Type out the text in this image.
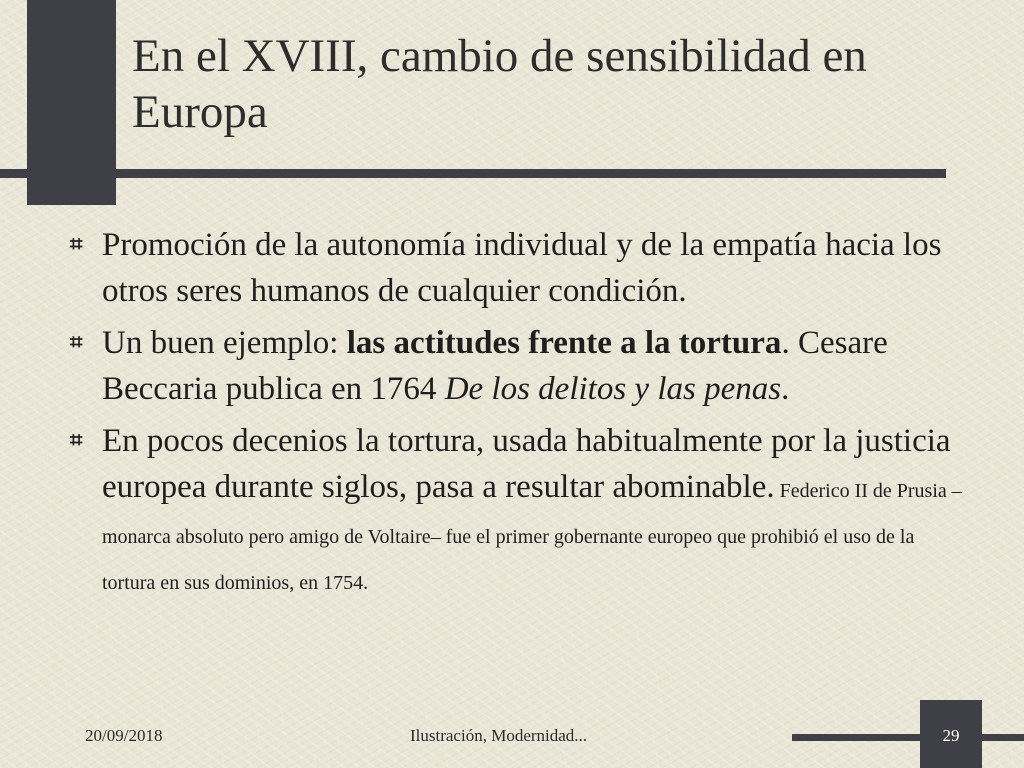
En el XVIII, cambio de sensibilidad en Europa
⌗ Promoción de la autonomía individual y de la empatía hacia los otros seres humanos de cualquier condición.
⌗ Un buen ejemplo: las actitudes frente a la tortura. Cesare Beccaria publica en 1764 De los delitos y las penas.
⌗ En pocos decenios la tortura, usada habitualmente por la justicia europea durante siglos, pasa a resultar abominable. Federico II de Prusia –monarca absoluto pero amigo de Voltaire– fue el primer gobernante europeo que prohibió el uso de la tortura en sus dominios, en 1754.
20/09/2018	Ilustración, Modernidad...	29
